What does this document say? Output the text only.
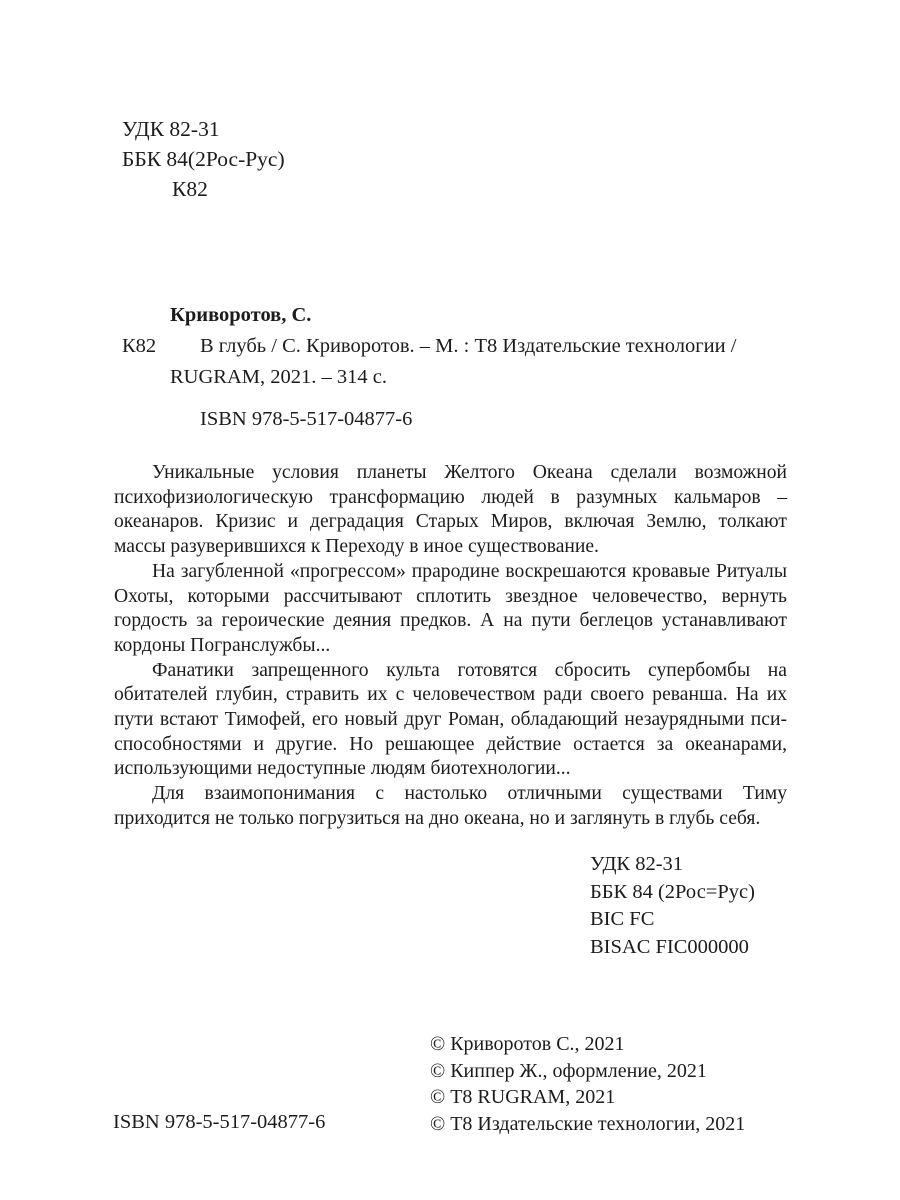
УДК 82-31
ББК 84(2Рос-Рус)
К82
Криворотов, С.
К82	В глубь / С. Криворотов. – М. : Т8 Издательские технологии /
RUGRAM, 2021. – 314 с.
ISBN 978-5-517-04877-6

Уникальные условия планеты Желтого Океана сделали возможной психофизиологическую трансформацию людей в разумных кальмаров – океанаров. Кризис и деградация Старых Миров, включая Землю, толкают массы разуверившихся к Переходу в иное существование.

На загубленной «прогрессом» прародине воскрешаются кровавые Ритуалы Охоты, которыми рассчитывают сплотить звездное человечество, вернуть гордость за героические деяния предков. А на пути беглецов устанавливают кордоны Погранслужбы...

Фанатики запрещенного культа готовятся сбросить супербомбы на обитателей глубин, стравить их с человечеством ради своего реванша. На их пути встают Тимофей, его новый друг Роман, обладающий незаурядными пси-способностями и другие. Но решающее действие остается за океанарами, использующими недоступные людям биотехнологии...

Для взаимопонимания с настолько отличными существами Тиму приходится не только погрузиться на дно океана, но и заглянуть в глубь себя.

УДК 82-31
ББК 84 (2Рос=Рус)
BIC FC
BISAC FIC000000
© Криворотов С., 2021
© Киппер Ж., оформление, 2021
© Т8 RUGRAM, 2021
© Т8 Издательские технологии, 2021
ISBN 978-5-517-04877-6
